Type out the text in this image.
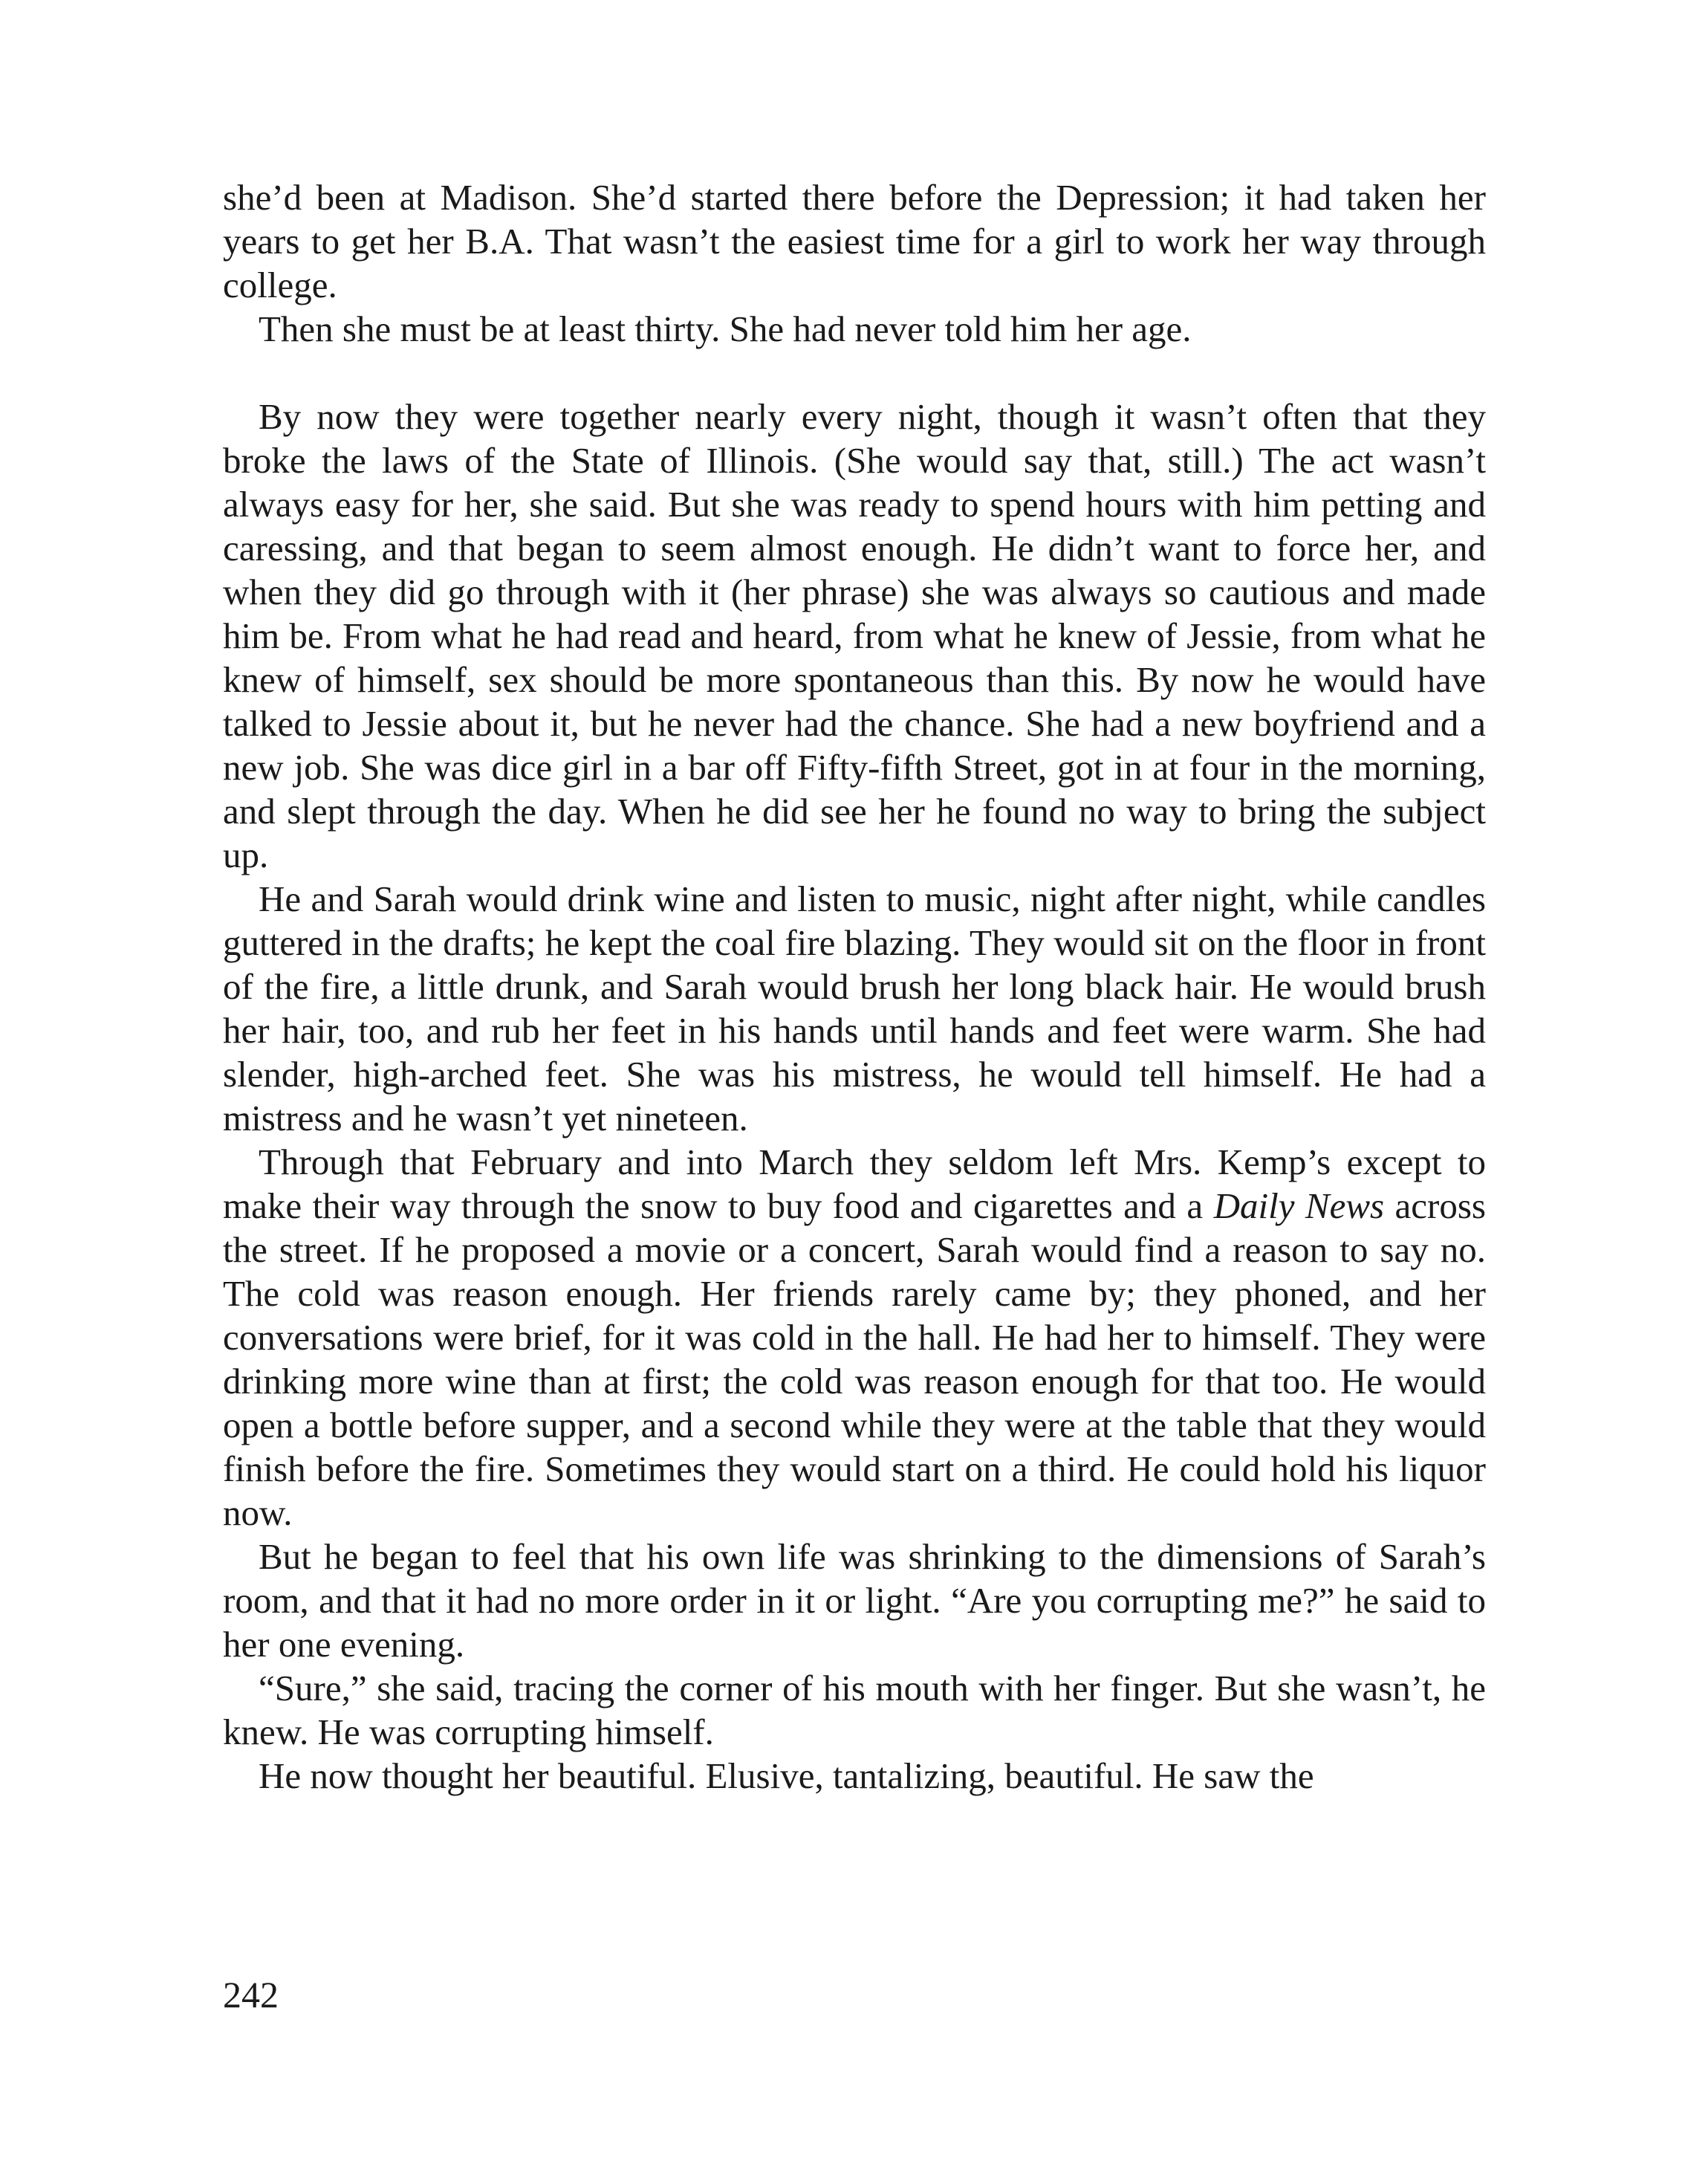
she’d been at Madison. She’d started there before the Depression; it had taken her years to get her B.A. That wasn’t the easiest time for a girl to work her way through college.

Then she must be at least thirty. She had never told him her age.

By now they were together nearly every night, though it wasn’t often that they broke the laws of the State of Illinois. (She would say that, still.) The act wasn’t always easy for her, she said. But she was ready to spend hours with him petting and caressing, and that began to seem almost enough. He didn’t want to force her, and when they did go through with it (her phrase) she was always so cautious and made him be. From what he had read and heard, from what he knew of Jessie, from what he knew of himself, sex should be more spontaneous than this. By now he would have talked to Jessie about it, but he never had the chance. She had a new boyfriend and a new job. She was dice girl in a bar off Fifty-fifth Street, got in at four in the morning, and slept through the day. When he did see her he found no way to bring the subject up.

He and Sarah would drink wine and listen to music, night after night, while candles guttered in the drafts; he kept the coal fire blazing. They would sit on the floor in front of the fire, a little drunk, and Sarah would brush her long black hair. He would brush her hair, too, and rub her feet in his hands until hands and feet were warm. She had slender, high-arched feet. She was his mistress, he would tell himself. He had a mistress and he wasn’t yet nineteen.

Through that February and into March they seldom left Mrs. Kemp’s except to make their way through the snow to buy food and cigarettes and a Daily News across the street. If he proposed a movie or a concert, Sarah would find a reason to say no. The cold was reason enough. Her friends rarely came by; they phoned, and her conversations were brief, for it was cold in the hall. He had her to himself. They were drinking more wine than at first; the cold was reason enough for that too. He would open a bottle before supper, and a second while they were at the table that they would finish before the fire. Sometimes they would start on a third. He could hold his liquor now.

But he began to feel that his own life was shrinking to the dimensions of Sarah’s room, and that it had no more order in it or light. “Are you corrupting me?” he said to her one evening.

“Sure,” she said, tracing the corner of his mouth with her finger. But she wasn’t, he knew. He was corrupting himself.

He now thought her beautiful. Elusive, tantalizing, beautiful. He saw the

242
